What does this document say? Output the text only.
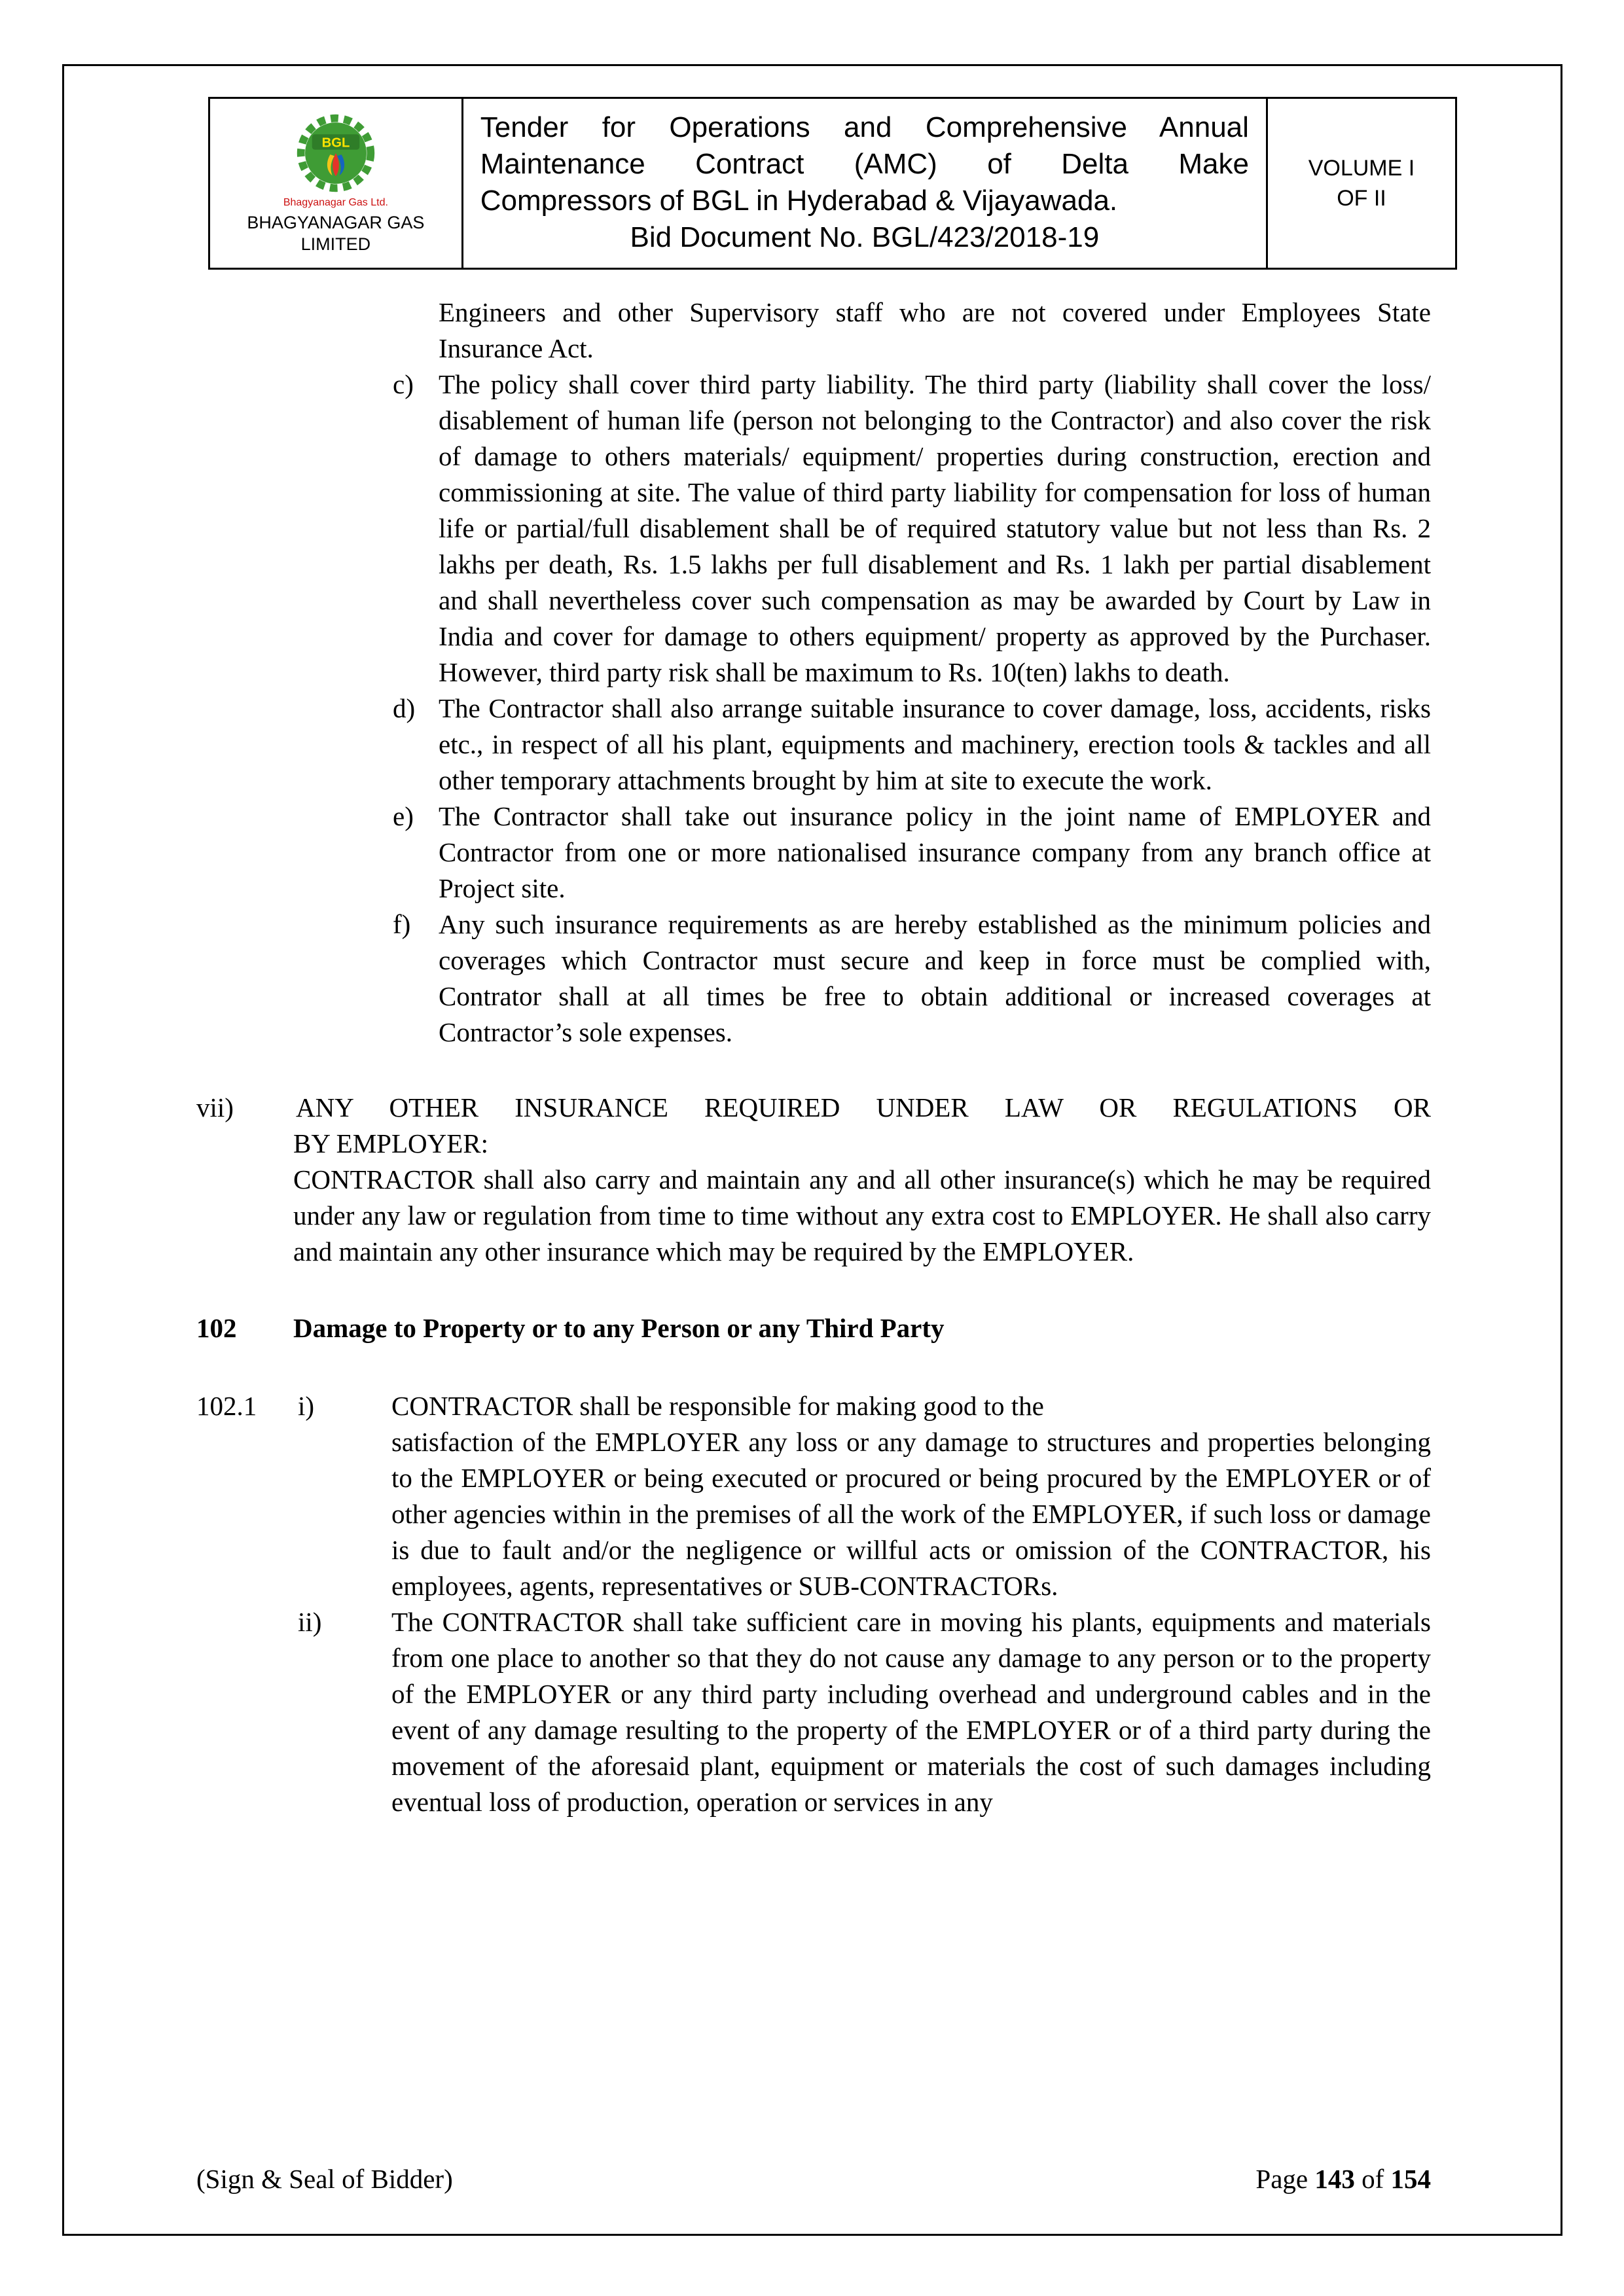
BGL
Bhagyanagar Gas Ltd.
BHAGYANAGAR GAS
LIMITED
Tender for Operations and Comprehensive Annual
Maintenance Contract (AMC) of Delta Make
Compressors of BGL in Hyderabad & Vijayawada.
Bid Document No. BGL/423/2018-19
VOLUME I
OF II
Engineers and other Supervisory staff who are not covered under Employees State Insurance Act.
c) The policy shall cover third party liability. The third party (liability shall cover the loss/ disablement of human life (person not belonging to the Contractor) and also cover the risk of damage to others materials/ equipment/ properties during construction, erection and commissioning at site. The value of third party liability for compensation for loss of human life or partial/full disablement shall be of required statutory value but not less than Rs. 2 lakhs per death, Rs. 1.5 lakhs per full disablement and Rs. 1 lakh per partial disablement and shall nevertheless cover such compensation as may be awarded by Court by Law in India and cover for damage to others equipment/ property as approved by the Purchaser. However, third party risk shall be maximum to Rs. 10(ten) lakhs to death.
d) The Contractor shall also arrange suitable insurance to cover damage, loss, accidents, risks etc., in respect of all his plant, equipments and machinery, erection tools & tackles and all other temporary attachments brought by him at site to execute the work.
e) The Contractor shall take out insurance policy in the joint name of EMPLOYER and Contractor from one or more nationalised insurance company from any branch office at Project site.
f) Any such insurance requirements as are hereby established as the minimum policies and coverages which Contractor must secure and keep in force must be complied with, Contrator shall at all times be free to obtain additional or increased coverages at Contractor’s sole expenses.
vii) ANY OTHER INSURANCE REQUIRED UNDER LAW OR REGULATIONS OR
BY EMPLOYER:
CONTRACTOR shall also carry and maintain any and all other insurance(s) which he may be required under any law or regulation from time to time without any extra cost to EMPLOYER. He shall also carry and maintain any other insurance which may be required by the EMPLOYER.
102 Damage to Property or to any Person or any Third Party
102.1 i)	CONTRACTOR shall be responsible for making good to the
satisfaction of the EMPLOYER any loss or any damage to structures and properties belonging to the EMPLOYER or being executed or procured or being procured by the EMPLOYER or of other agencies within in the premises of all the work of the EMPLOYER, if such loss or damage is due to fault and/or the negligence or willful acts or omission of the CONTRACTOR, his employees, agents, representatives or SUB-CONTRACTORs.
ii)	The CONTRACTOR shall take sufficient care in moving his plants, equipments and materials from one place to another so that they do not cause any damage to any person or to the property of the EMPLOYER or any third party including overhead and underground cables and in the event of any damage resulting to the property of the EMPLOYER or of a third party during the movement of the aforesaid plant, equipment or materials the cost of such damages including eventual loss of production, operation or services in any
(Sign & Seal of Bidder)	Page 143 of 154
